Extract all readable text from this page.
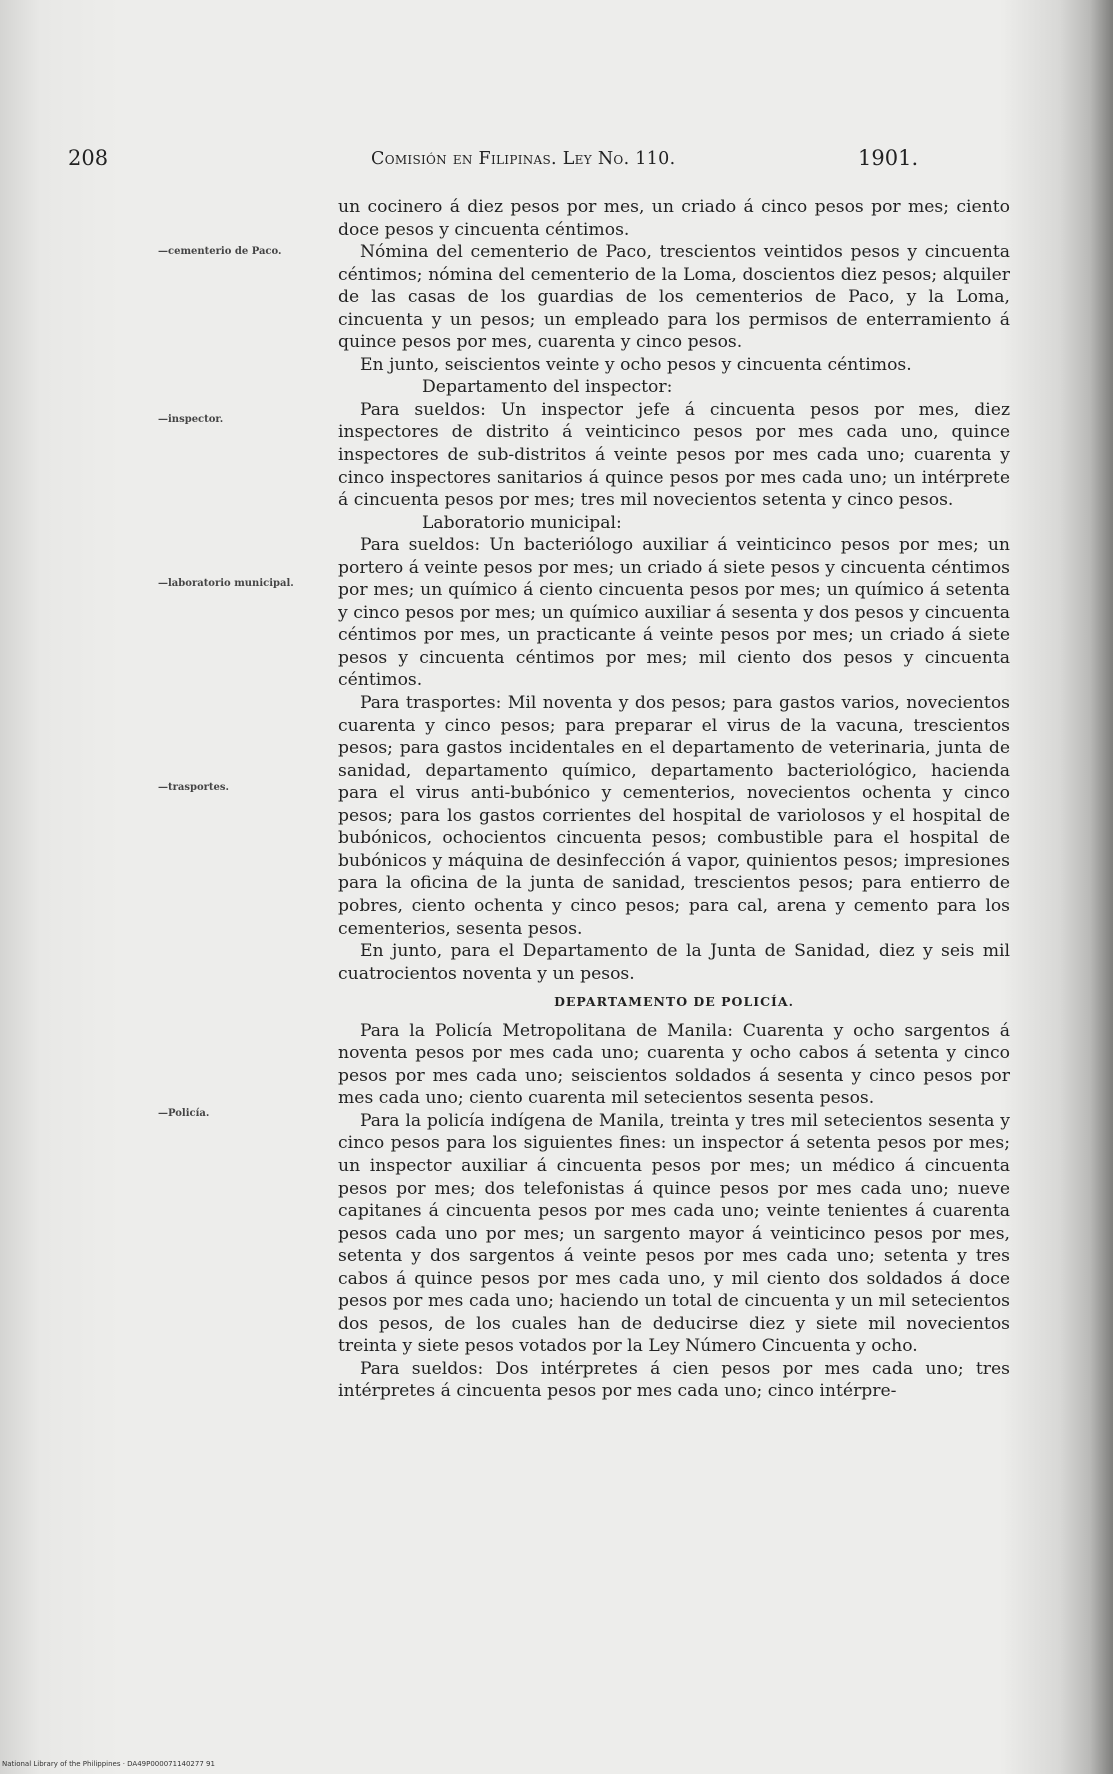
208	Comisión en Filipinas. Ley No. 110.	1901.
—cementerio de Paco.
—inspector.
—laboratorio municipal.
—trasportes.
—Policía.

un cocinero á diez pesos por mes, un criado á cinco pesos por mes; ciento doce pesos y cincuenta céntimos.

Nómina del cementerio de Paco, trescientos veintidos pesos y cincuenta céntimos; nómina del cementerio de la Loma, doscientos diez pesos; alquiler de las casas de los guardias de los cementerios de Paco, y la Loma, cincuenta y un pesos; un empleado para los permisos de enterramiento á quince pesos por mes, cuarenta y cinco pesos.

En junto, seiscientos veinte y ocho pesos y cincuenta céntimos.

Departamento del inspector:

Para sueldos: Un inspector jefe á cincuenta pesos por mes, diez inspectores de distrito á veinticinco pesos por mes cada uno, quince inspectores de sub-distritos á veinte pesos por mes cada uno; cuarenta y cinco inspectores sanitarios á quince pesos por mes cada uno; un intérprete á cincuenta pesos por mes; tres mil novecientos setenta y cinco pesos.

Laboratorio municipal:

Para sueldos: Un bacteriólogo auxiliar á veinticinco pesos por mes; un portero á veinte pesos por mes; un criado á siete pesos y cincuenta céntimos por mes; un químico á ciento cincuenta pesos por mes; un químico á setenta y cinco pesos por mes; un químico auxiliar á sesenta y dos pesos y cincuenta céntimos por mes, un practicante á veinte pesos por mes; un criado á siete pesos y cincuenta céntimos por mes; mil ciento dos pesos y cincuenta céntimos.

Para trasportes: Mil noventa y dos pesos; para gastos varios, novecientos cuarenta y cinco pesos; para preparar el virus de la vacuna, trescientos pesos; para gastos incidentales en el departamento de veterinaria, junta de sanidad, departamento químico, departamento bacteriológico, hacienda para el virus anti-bubónico y cementerios, novecientos ochenta y cinco pesos; para los gastos corrientes del hospital de variolosos y el hospital de bubónicos, ochocientos cincuenta pesos; combustible para el hospital de bubónicos y máquina de desinfección á vapor, quinientos pesos; impresiones para la oficina de la junta de sanidad, trescientos pesos; para entierro de pobres, ciento ochenta y cinco pesos; para cal, arena y cemento para los cementerios, sesenta pesos.

En junto, para el Departamento de la Junta de Sanidad, diez y seis mil cuatrocientos noventa y un pesos.

DEPARTAMENTO DE POLICÍA.

Para la Policía Metropolitana de Manila: Cuarenta y ocho sargentos á noventa pesos por mes cada uno; cuarenta y ocho cabos á setenta y cinco pesos por mes cada uno; seiscientos soldados á sesenta y cinco pesos por mes cada uno; ciento cuarenta mil setecientos sesenta pesos.

Para la policía indígena de Manila, treinta y tres mil setecientos sesenta y cinco pesos para los siguientes fines: un inspector á setenta pesos por mes; un inspector auxiliar á cincuenta pesos por mes; un médico á cincuenta pesos por mes; dos telefonistas á quince pesos por mes cada uno; nueve capitanes á cincuenta pesos por mes cada uno; veinte tenientes á cuarenta pesos cada uno por mes; un sargento mayor á veinticinco pesos por mes, setenta y dos sargentos á veinte pesos por mes cada uno; setenta y tres cabos á quince pesos por mes cada uno, y mil ciento dos soldados á doce pesos por mes cada uno; haciendo un total de cincuenta y un mil setecientos dos pesos, de los cuales han de deducirse diez y siete mil novecientos treinta y siete pesos votados por la Ley Número Cincuenta y ocho.

Para sueldos: Dos intérpretes á cien pesos por mes cada uno; tres intérpretes á cincuenta pesos por mes cada uno; cinco intérpre-

National Library of the Philippines · DA49P000071140277 91
